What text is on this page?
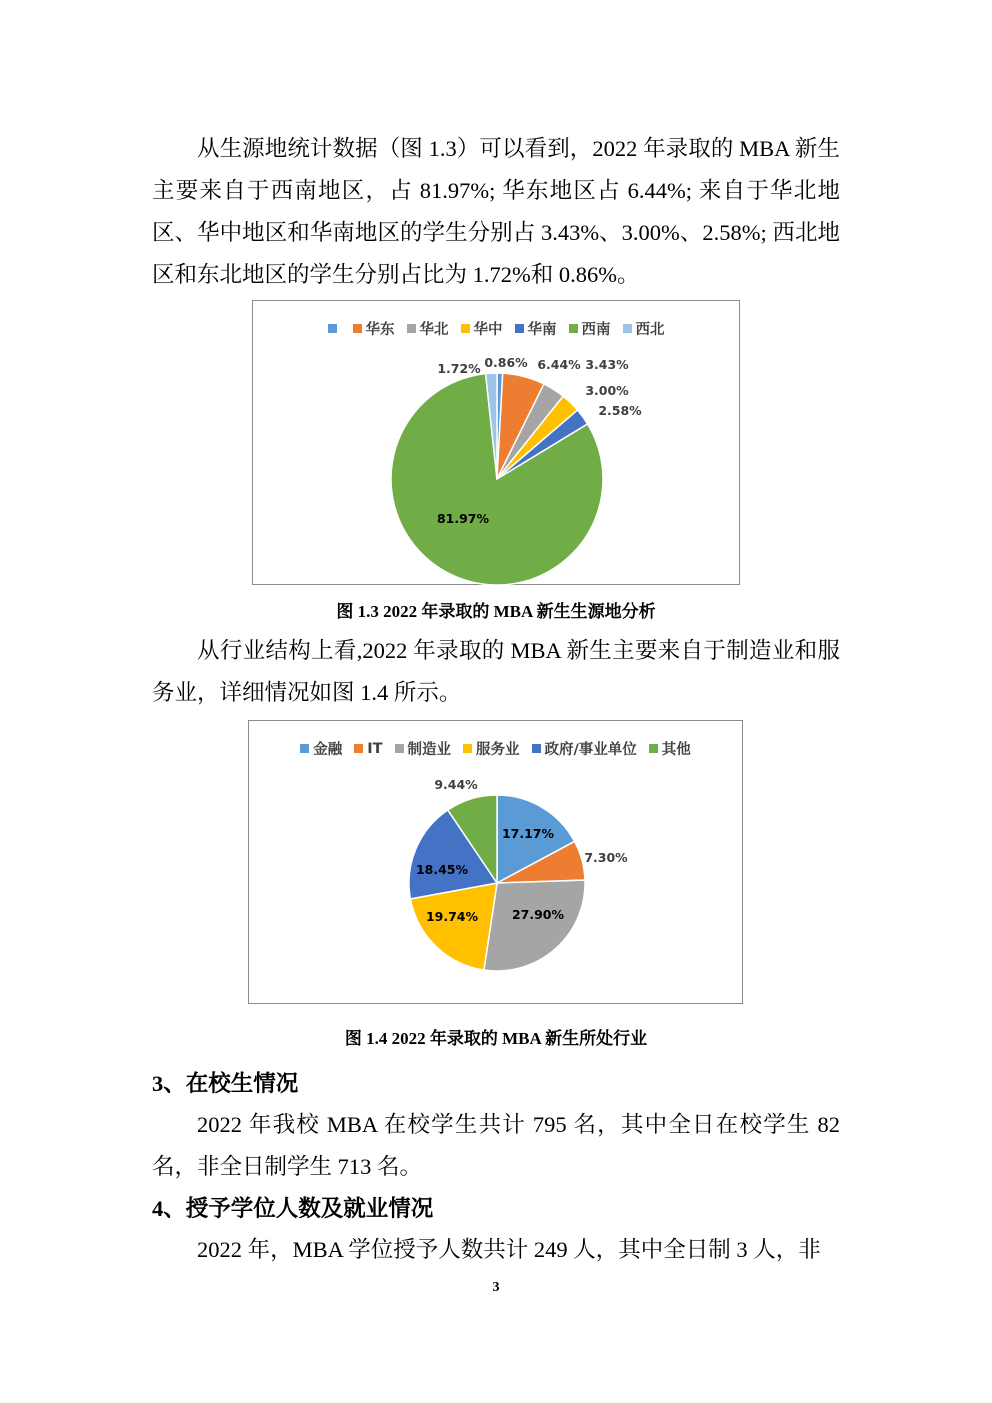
从生源地统计数据（图 1.3）可以看到，2022 年录取的 MBA 新生主要来自于西南地区，占 81.97%; 华东地区占 6.44%; 来自于华北地区、华中地区和华南地区的学生分别占 3.43%、3.00%、2.58%; 西北地区和东北地区的学生分别占比为 1.72%和 0.86%。

华东 华北 华中 华南 西南 西北
0.86% 6.44% 3.43%
3.00%
2.58%
81.97%
1.72%
图 1.3 2022 年录取的 MBA 新生生源地分析

从行业结构上看,2022 年录取的 MBA 新生主要来自于制造业和服务业，详细情况如图 1.4 所示。

金融 IT 制造业 服务业 政府/事业单位 其他
17.17%
7.30%
27.90%
19.74%
18.45%
9.44%
图 1.4 2022 年录取的 MBA 新生所处行业
3、在校生情况

2022 年我校 MBA 在校学生共计 795 名，其中全日在校学生 82 名，非全日制学生 713 名。

4、授予学位人数及就业情况

2022 年，MBA 学位授予人数共计 249 人，其中全日制 3 人，非

3
